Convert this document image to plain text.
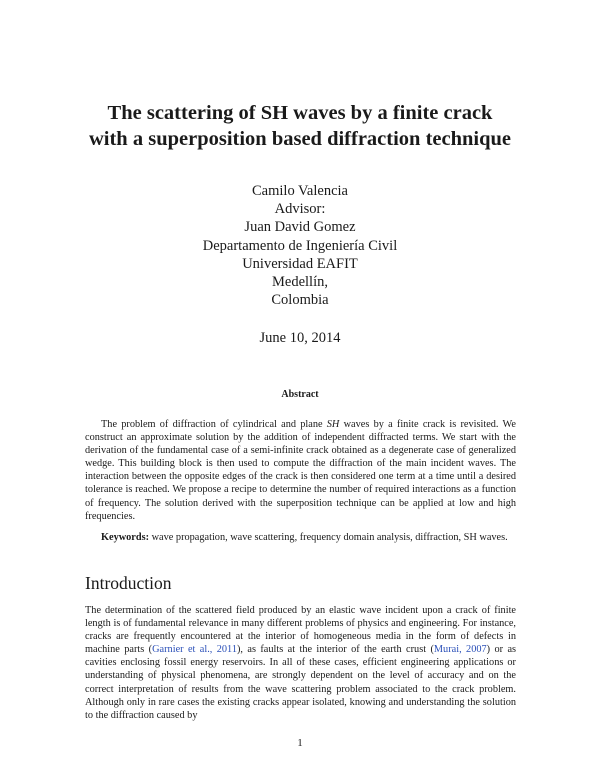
The scattering of SH waves by a finite crack
with a superposition based diffraction technique
Camilo Valencia
Advisor:
Juan David Gomez
Departamento de Ingeniería Civil
Universidad EAFIT
Medellín,
Colombia
June 10, 2014
Abstract

The problem of diffraction of cylindrical and plane SH waves by a finite crack is revisited. We construct an approximate solution by the addition of independent diffracted terms. We start with the derivation of the fundamental case of a semi-infinite crack obtained as a degenerate case of generalized wedge. This building block is then used to compute the diffraction of the main incident waves. The interaction between the opposite edges of the crack is then considered one term at a time until a desired tolerance is reached. We propose a recipe to determine the number of required interactions as a function of frequency. The solution derived with the superposition technique can be applied at low and high frequencies.

Keywords: wave propagation, wave scattering, frequency domain analysis, diffraction, SH waves.

Introduction

The determination of the scattered field produced by an elastic wave incident upon a crack of finite length is of fundamental relevance in many different problems of physics and engineering. For instance, cracks are frequently encountered at the interior of homogeneous media in the form of defects in machine parts (Garnier et al., 2011), as faults at the interior of the earth crust (Murai, 2007) or as cavities enclosing fossil energy reservoirs. In all of these cases, efficient engineering applications or understanding of physical phenomena, are strongly dependent on the level of accuracy and on the correct interpretation of results from the wave scattering problem associated to the crack problem. Although only in rare cases the existing cracks appear isolated, knowing and understanding the solution to the diffraction caused by

1
